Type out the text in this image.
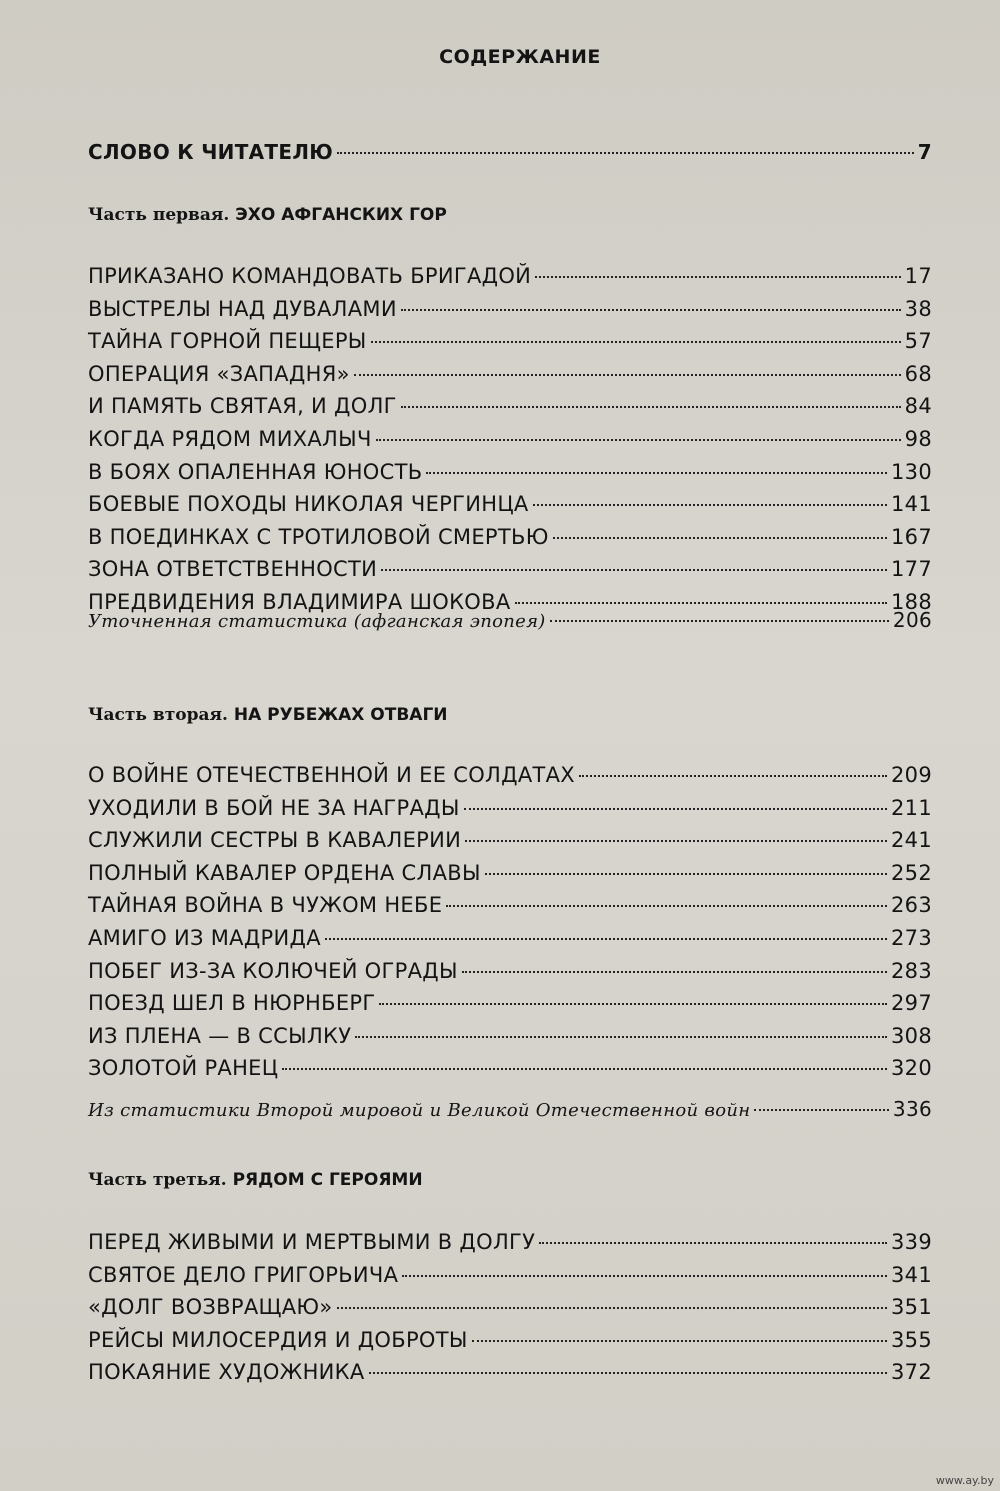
СОДЕРЖАНИЕ
СЛОВО К ЧИТАТЕЛЮ	7
Часть первая. ЭХО АФГАНСКИХ ГОР
ПРИКАЗАНО КОМАНДОВАТЬ БРИГАДОЙ	17
ВЫСТРЕЛЫ НАД ДУВАЛАМИ	38
ТАЙНА ГОРНОЙ ПЕЩЕРЫ	57
ОПЕРАЦИЯ «ЗАПАДНЯ»	68
И ПАМЯТЬ СВЯТАЯ, И ДОЛГ	84
КОГДА РЯДОМ МИХАЛЫЧ	98
В БОЯХ ОПАЛЕННАЯ ЮНОСТЬ	130
БОЕВЫЕ ПОХОДЫ НИКОЛАЯ ЧЕРГИНЦА	141
В ПОЕДИНКАХ С ТРОТИЛОВОЙ СМЕРТЬЮ	167
ЗОНА ОТВЕТСТВЕННОСТИ	177
ПРЕДВИДЕНИЯ ВЛАДИМИРА ШОКОВА	188
Уточненная статистика (афганская эпопея)	206
Часть вторая. НА РУБЕЖАХ ОТВАГИ
О ВОЙНЕ ОТЕЧЕСТВЕННОЙ И ЕЕ СОЛДАТАХ	209
УХОДИЛИ В БОЙ НЕ ЗА НАГРАДЫ	211
СЛУЖИЛИ СЕСТРЫ В КАВАЛЕРИИ	241
ПОЛНЫЙ КАВАЛЕР ОРДЕНА СЛАВЫ	252
ТАЙНАЯ ВОЙНА В ЧУЖОМ НЕБЕ	263
АМИГО ИЗ МАДРИДА	273
ПОБЕГ ИЗ-ЗА КОЛЮЧЕЙ ОГРАДЫ	283
ПОЕЗД ШЕЛ В НЮРНБЕРГ	297
ИЗ ПЛЕНА — В ССЫЛКУ	308
ЗОЛОТОЙ РАНЕЦ	320
Из статистики Второй мировой и Великой Отечественной войн	336
Часть третья. РЯДОМ С ГЕРОЯМИ
ПЕРЕД ЖИВЫМИ И МЕРТВЫМИ В ДОЛГУ	339
СВЯТОЕ ДЕЛО ГРИГОРЬИЧА	341
«ДОЛГ ВОЗВРАЩАЮ»	351
РЕЙСЫ МИЛОСЕРДИЯ И ДОБРОТЫ	355
ПОКАЯНИЕ ХУДОЖНИКА	372
www.ay.by
